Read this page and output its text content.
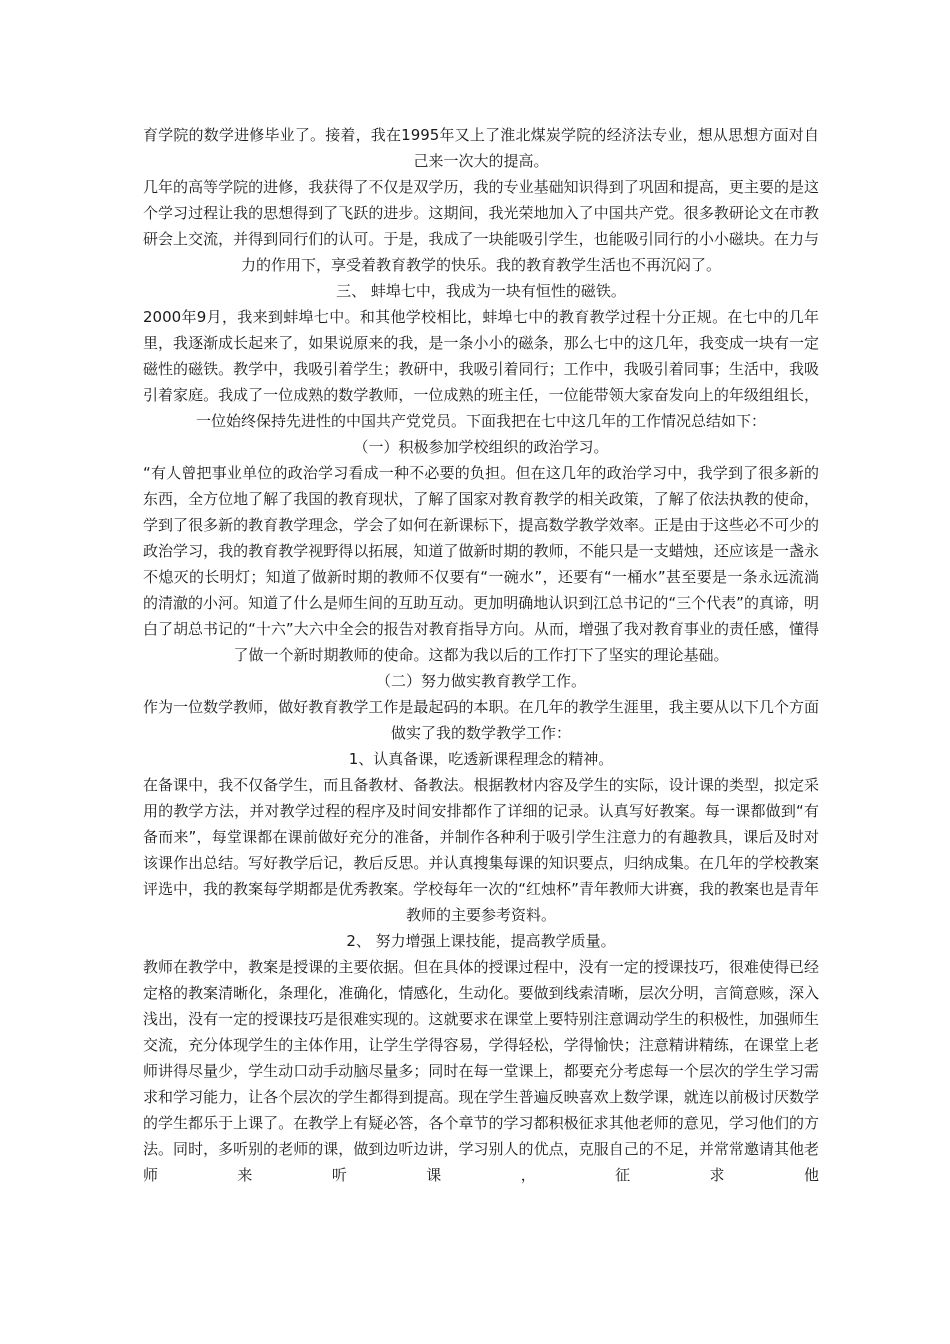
育学院的数学进修毕业了。接着，我在1995年又上了淮北煤炭学院的经济法专业，想从思想方面对自己来一次大的提高。

几年的高等学院的进修，我获得了不仅是双学历，我的专业基础知识得到了巩固和提高，更主要的是这个学习过程让我的思想得到了飞跃的进步。这期间，我光荣地加入了中国共产党。很多教研论文在市教研会上交流，并得到同行们的认可。于是，我成了一块能吸引学生，也能吸引同行的小小磁块。在力与力的作用下，享受着教育教学的快乐。我的教育教学生活也不再沉闷了。

三、 蚌埠七中，我成为一块有恒性的磁铁。

2000年9月，我来到蚌埠七中。和其他学校相比，蚌埠七中的教育教学过程十分正规。在七中的几年里，我逐渐成长起来了，如果说原来的我，是一条小小的磁条，那么七中的这几年，我变成一块有一定磁性的磁铁。教学中，我吸引着学生；教研中，我吸引着同行；工作中，我吸引着同事；生活中，我吸引着家庭。我成了一位成熟的数学教师，一位成熟的班主任，一位能带领大家奋发向上的年级组组长，一位始终保持先进性的中国共产党党员。下面我把在七中这几年的工作情况总结如下：

（一）积极参加学校组织的政治学习。

“有人曾把事业单位的政治学习看成一种不必要的负担。但在这几年的政治学习中，我学到了很多新的东西，全方位地了解了我国的教育现状，了解了国家对教育教学的相关政策，了解了依法执教的使命，学到了很多新的教育教学理念，学会了如何在新课标下，提高数学教学效率。正是由于这些必不可少的政治学习，我的教育教学视野得以拓展，知道了做新时期的教师，不能只是一支蜡烛，还应该是一盏永不熄灭的长明灯；知道了做新时期的教师不仅要有“一碗水”，还要有“一桶水”甚至要是一条永远流淌的清澈的小河。知道了什么是师生间的互助互动。更加明确地认识到江总书记的“三个代表”的真谛，明白了胡总书记的“十六”大六中全会的报告对教育指导方向。从而，增强了我对教育事业的责任感，懂得了做一个新时期教师的使命。这都为我以后的工作打下了坚实的理论基础。

（二）努力做实教育教学工作。

作为一位数学教师，做好教育教学工作是最起码的本职。在几年的教学生涯里，我主要从以下几个方面做实了我的数学教学工作：

1、认真备课，吃透新课程理念的精神。

在备课中，我不仅备学生，而且备教材、备教法。根据教材内容及学生的实际，设计课的类型，拟定采用的教学方法，并对教学过程的程序及时间安排都作了详细的记录。认真写好教案。每一课都做到“有备而来”，每堂课都在课前做好充分的准备，并制作各种利于吸引学生注意力的有趣教具，课后及时对该课作出总结。写好教学后记，教后反思。并认真搜集每课的知识要点，归纳成集。在几年的学校教案评选中，我的教案每学期都是优秀教案。学校每年一次的“红烛杯”青年教师大讲赛，我的教案也是青年教师的主要参考资料。

2、 努力增强上课技能，提高教学质量。

教师在教学中，教案是授课的主要依据。但在具体的授课过程中，没有一定的授课技巧，很难使得已经定格的教案清晰化，条理化，准确化，情感化，生动化。要做到线索清晰，层次分明，言简意赅，深入浅出，没有一定的授课技巧是很难实现的。这就要求在课堂上要特别注意调动学生的积极性，加强师生交流，充分体现学生的主体作用，让学生学得容易，学得轻松，学得愉快；注意精讲精练，在课堂上老师讲得尽量少，学生动口动手动脑尽量多；同时在每一堂课上，都要充分考虑每一个层次的学生学习需求和学习能力，让各个层次的学生都得到提高。现在学生普遍反映喜欢上数学课，就连以前极讨厌数学的学生都乐于上课了。在教学上有疑必答，各个章节的学习都积极征求其他老师的意见，学习他们的方法。同时，多听别的老师的课，做到边听边讲，学习别人的优点，克服自己的不足，并常常邀请其他老师来听课，征求他
